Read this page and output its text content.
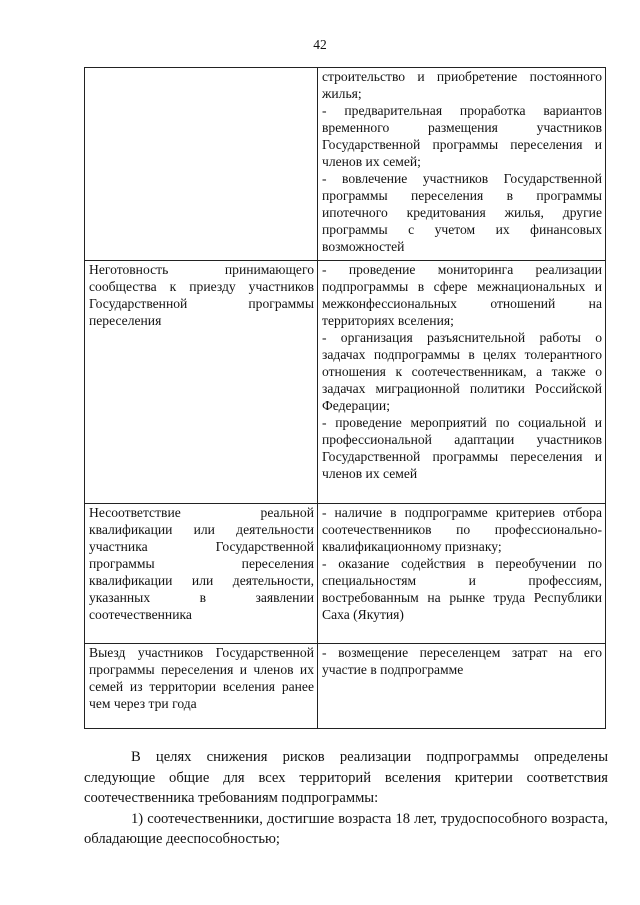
42

	строительство и приобретение постоянного жилья;
- предварительная проработка вариантов временного размещения участников Государственной программы переселения и членов их семей;
- вовлечение участников Государственной программы переселения в программы ипотечного кредитования жилья, другие программы с учетом их финансовых возможностей

Неготовность принимающего сообщества к приезду участников Государственной программы переселения	- проведение мониторинга реализации подпрограммы в сфере межнациональных и межконфессиональных отношений на территориях вселения;
- организация разъяснительной работы о задачах подпрограммы в целях толерантного отношения к соотечественникам, а также о задачах миграционной политики Российской Федерации;
- проведение мероприятий по социальной и профессиональной адаптации участников Государственной программы переселения и членов их семей

Несоответствие реальной квалификации или деятельности участника Государственной программы переселения квалификации или деятельности, указанных в заявлении соотечественника	- наличие в подпрограмме критериев отбора соотечественников по профессионально-квалификационному признаку;
- оказание содействия в переобучении по специальностям и профессиям, востребованным на рынке труда Республики Саха (Якутия)

Выезд участников Государственной программы переселения и членов их семей из территории вселения ранее чем через три года	- возмещение переселенцем затрат на его участие в подпрограмме

В целях снижения рисков реализации подпрограммы определены следующие общие для всех территорий вселения критерии соответствия соотечественника требованиям подпрограммы:

1) соотечественники, достигшие возраста 18 лет, трудоспособного возраста, обладающие дееспособностью;
